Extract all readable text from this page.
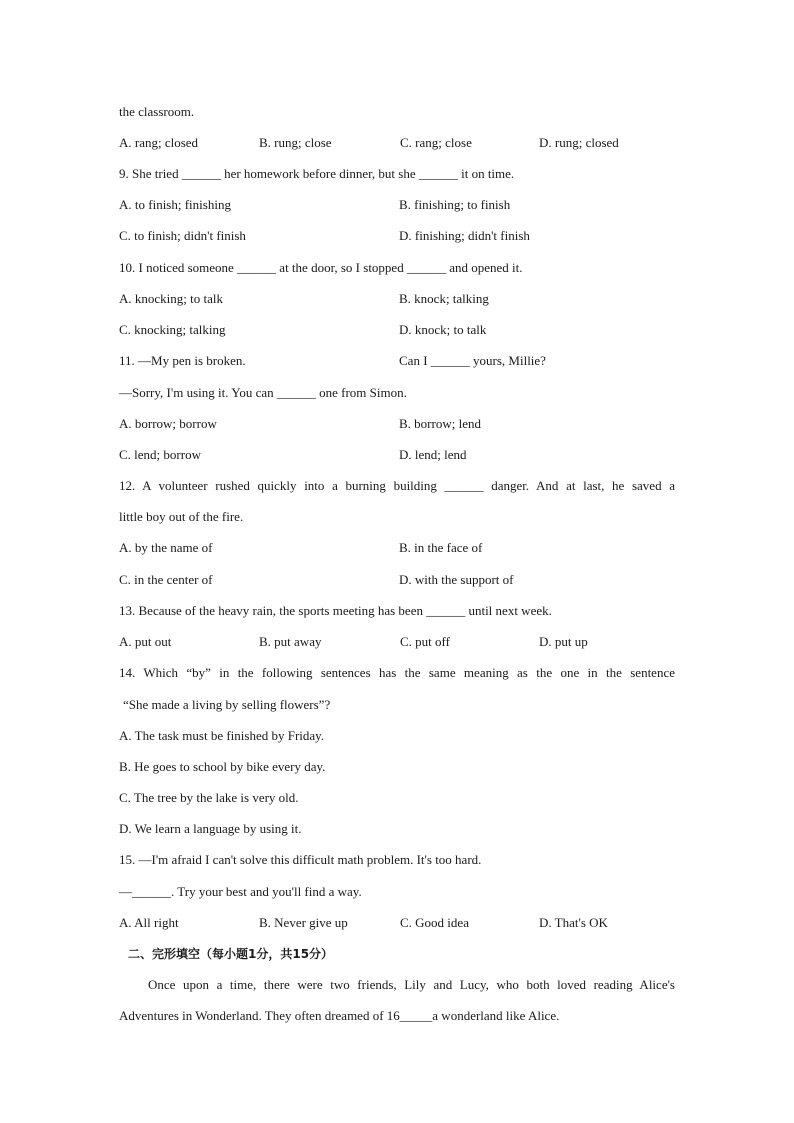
the classroom.
A. rang; closed	B. rung; close	C. rang; close	D. rung; closed
9. She tried ______ her homework before dinner, but she ______ it on time.
A. to finish; finishing	B. finishing; to finish
C. to finish; didn't finish	D. finishing; didn't finish
10. I noticed someone ______ at the door, so I stopped ______ and opened it.
A. knocking; to talk	B. knock; talking
C. knocking; talking	D. knock; to talk
11. —My pen is broken.	Can I ______ yours, Millie?
—Sorry, I'm using it. You can ______ one from Simon.
A. borrow; borrow	B. borrow; lend
C. lend; borrow	D. lend; lend
12. A volunteer rushed quickly into a burning building ______ danger. And at last, he saved a
little boy out of the fire.
A. by the name of	B. in the face of
C. in the center of	D. with the support of
13. Because of the heavy rain, the sports meeting has been ______ until next week.
A. put out	B. put away	C. put off	D. put up
14. Which “by” in the following sentences has the same meaning as the one in the sentence
“She made a living by selling flowers”?
A. The task must be finished by Friday.
B. He goes to school by bike every day.
C. The tree by the lake is very old.
D. We learn a language by using it.
15. —I'm afraid I can't solve this difficult math problem. It's too hard.
—______. Try your best and you'll find a way.
A. All right	B. Never give up	C. Good idea	D. That's OK
二、完形填空（每小题1分，共15分）
Once upon a time, there were two friends, Lily and Lucy, who both loved reading Alice's
Adventures in Wonderland. They often dreamed of 16_____a wonderland like Alice.
